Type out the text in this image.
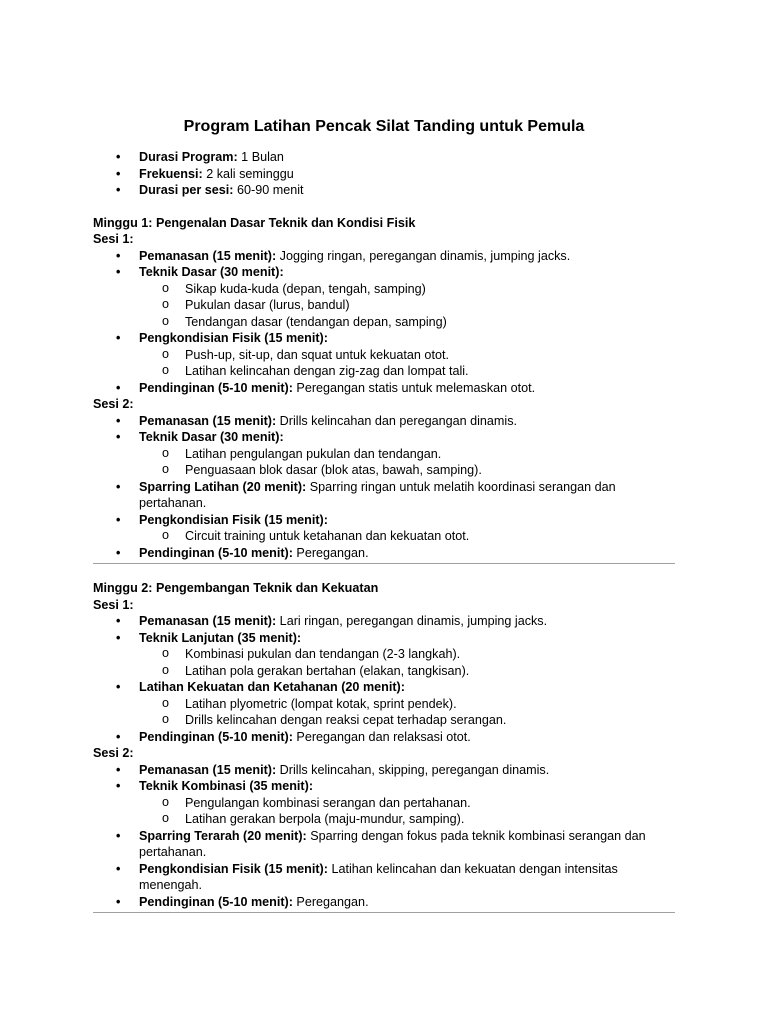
Program Latihan Pencak Silat Tanding untuk Pemula
• Durasi Program: 1 Bulan
• Frekuensi: 2 kali seminggu
• Durasi per sesi: 60-90 menit
Minggu 1: Pengenalan Dasar Teknik dan Kondisi Fisik
Sesi 1:
• Pemanasan (15 menit): Jogging ringan, peregangan dinamis, jumping jacks.
• Teknik Dasar (30 menit):
o Sikap kuda-kuda (depan, tengah, samping)
o Pukulan dasar (lurus, bandul)
o Tendangan dasar (tendangan depan, samping)
• Pengkondisian Fisik (15 menit):
o Push-up, sit-up, dan squat untuk kekuatan otot.
o Latihan kelincahan dengan zig-zag dan lompat tali.
• Pendinginan (5-10 menit): Peregangan statis untuk melemaskan otot.
Sesi 2:
• Pemanasan (15 menit): Drills kelincahan dan peregangan dinamis.
• Teknik Dasar (30 menit):
o Latihan pengulangan pukulan dan tendangan.
o Penguasaan blok dasar (blok atas, bawah, samping).
• Sparring Latihan (20 menit): Sparring ringan untuk melatih koordinasi serangan dan pertahanan.
• Pengkondisian Fisik (15 menit):
o Circuit training untuk ketahanan dan kekuatan otot.
• Pendinginan (5-10 menit): Peregangan.
Minggu 2: Pengembangan Teknik dan Kekuatan
Sesi 1:
• Pemanasan (15 menit): Lari ringan, peregangan dinamis, jumping jacks.
• Teknik Lanjutan (35 menit):
o Kombinasi pukulan dan tendangan (2-3 langkah).
o Latihan pola gerakan bertahan (elakan, tangkisan).
• Latihan Kekuatan dan Ketahanan (20 menit):
o Latihan plyometric (lompat kotak, sprint pendek).
o Drills kelincahan dengan reaksi cepat terhadap serangan.
• Pendinginan (5-10 menit): Peregangan dan relaksasi otot.
Sesi 2:
• Pemanasan (15 menit): Drills kelincahan, skipping, peregangan dinamis.
• Teknik Kombinasi (35 menit):
o Pengulangan kombinasi serangan dan pertahanan.
o Latihan gerakan berpola (maju-mundur, samping).
• Sparring Terarah (20 menit): Sparring dengan fokus pada teknik kombinasi serangan dan pertahanan.
• Pengkondisian Fisik (15 menit): Latihan kelincahan dan kekuatan dengan intensitas menengah.
• Pendinginan (5-10 menit): Peregangan.
